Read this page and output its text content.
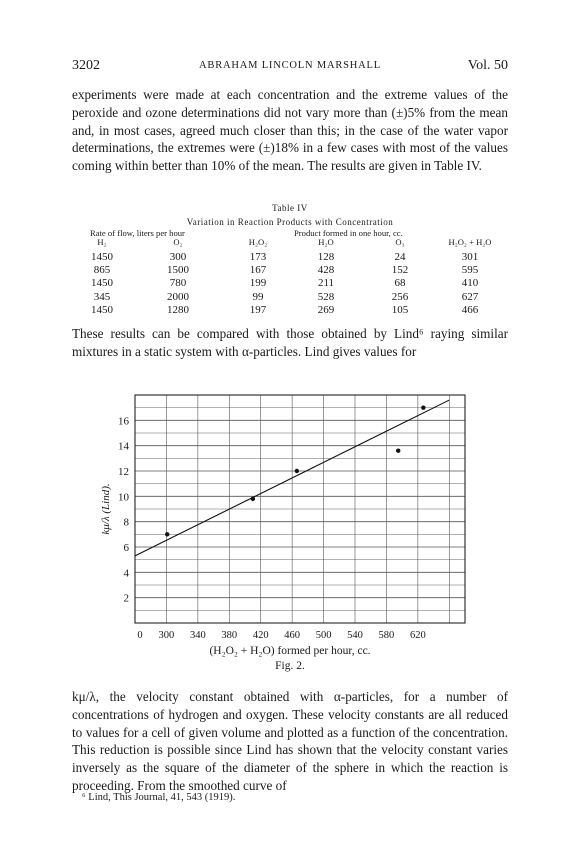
3202	ABRAHAM LINCOLN MARSHALL	Vol. 50

experiments were made at each concentration and the extreme values of the peroxide and ozone determinations did not vary more than (±)5% from the mean and, in most cases, agreed much closer than this; in the case of the water vapor determinations, the extremes were (±)18% in a few cases with most of the values coming within better than 10% of the mean. The results are given in Table IV.

Table IV
Variation in Reaction Products with Concentration
Rate of flow, liters per hour	Product formed in one hour, cc.
H₂	O₂	H₂O₂	H₂O	O₃	H₂O₂ + H₂O
1450	300	173	128	24	301
865	1500	167	428	152	595
1450	780	199	211	68	410
345	2000	99	528	256	627
1450	1280	197	269	105	466

These results can be compared with those obtained by Lind⁶ raying similar mixtures in a static system with α-particles. Lind gives values for

2
4
6
8
10
12
14
16
0 300 340 380 420 460 500 540 580 620
kμ/λ (Lind).
(H₂O₂ + H₂O) formed per hour, cc.
Fig. 2.

kμ/λ, the velocity constant obtained with α-particles, for a number of concentrations of hydrogen and oxygen. These velocity constants are all reduced to values for a cell of given volume and plotted as a function of the concentration. This reduction is possible since Lind has shown that the velocity constant varies inversely as the square of the diameter of the sphere in which the reaction is proceeding. From the smoothed curve of

⁶ Lind, This Journal, 41, 543 (1919).
